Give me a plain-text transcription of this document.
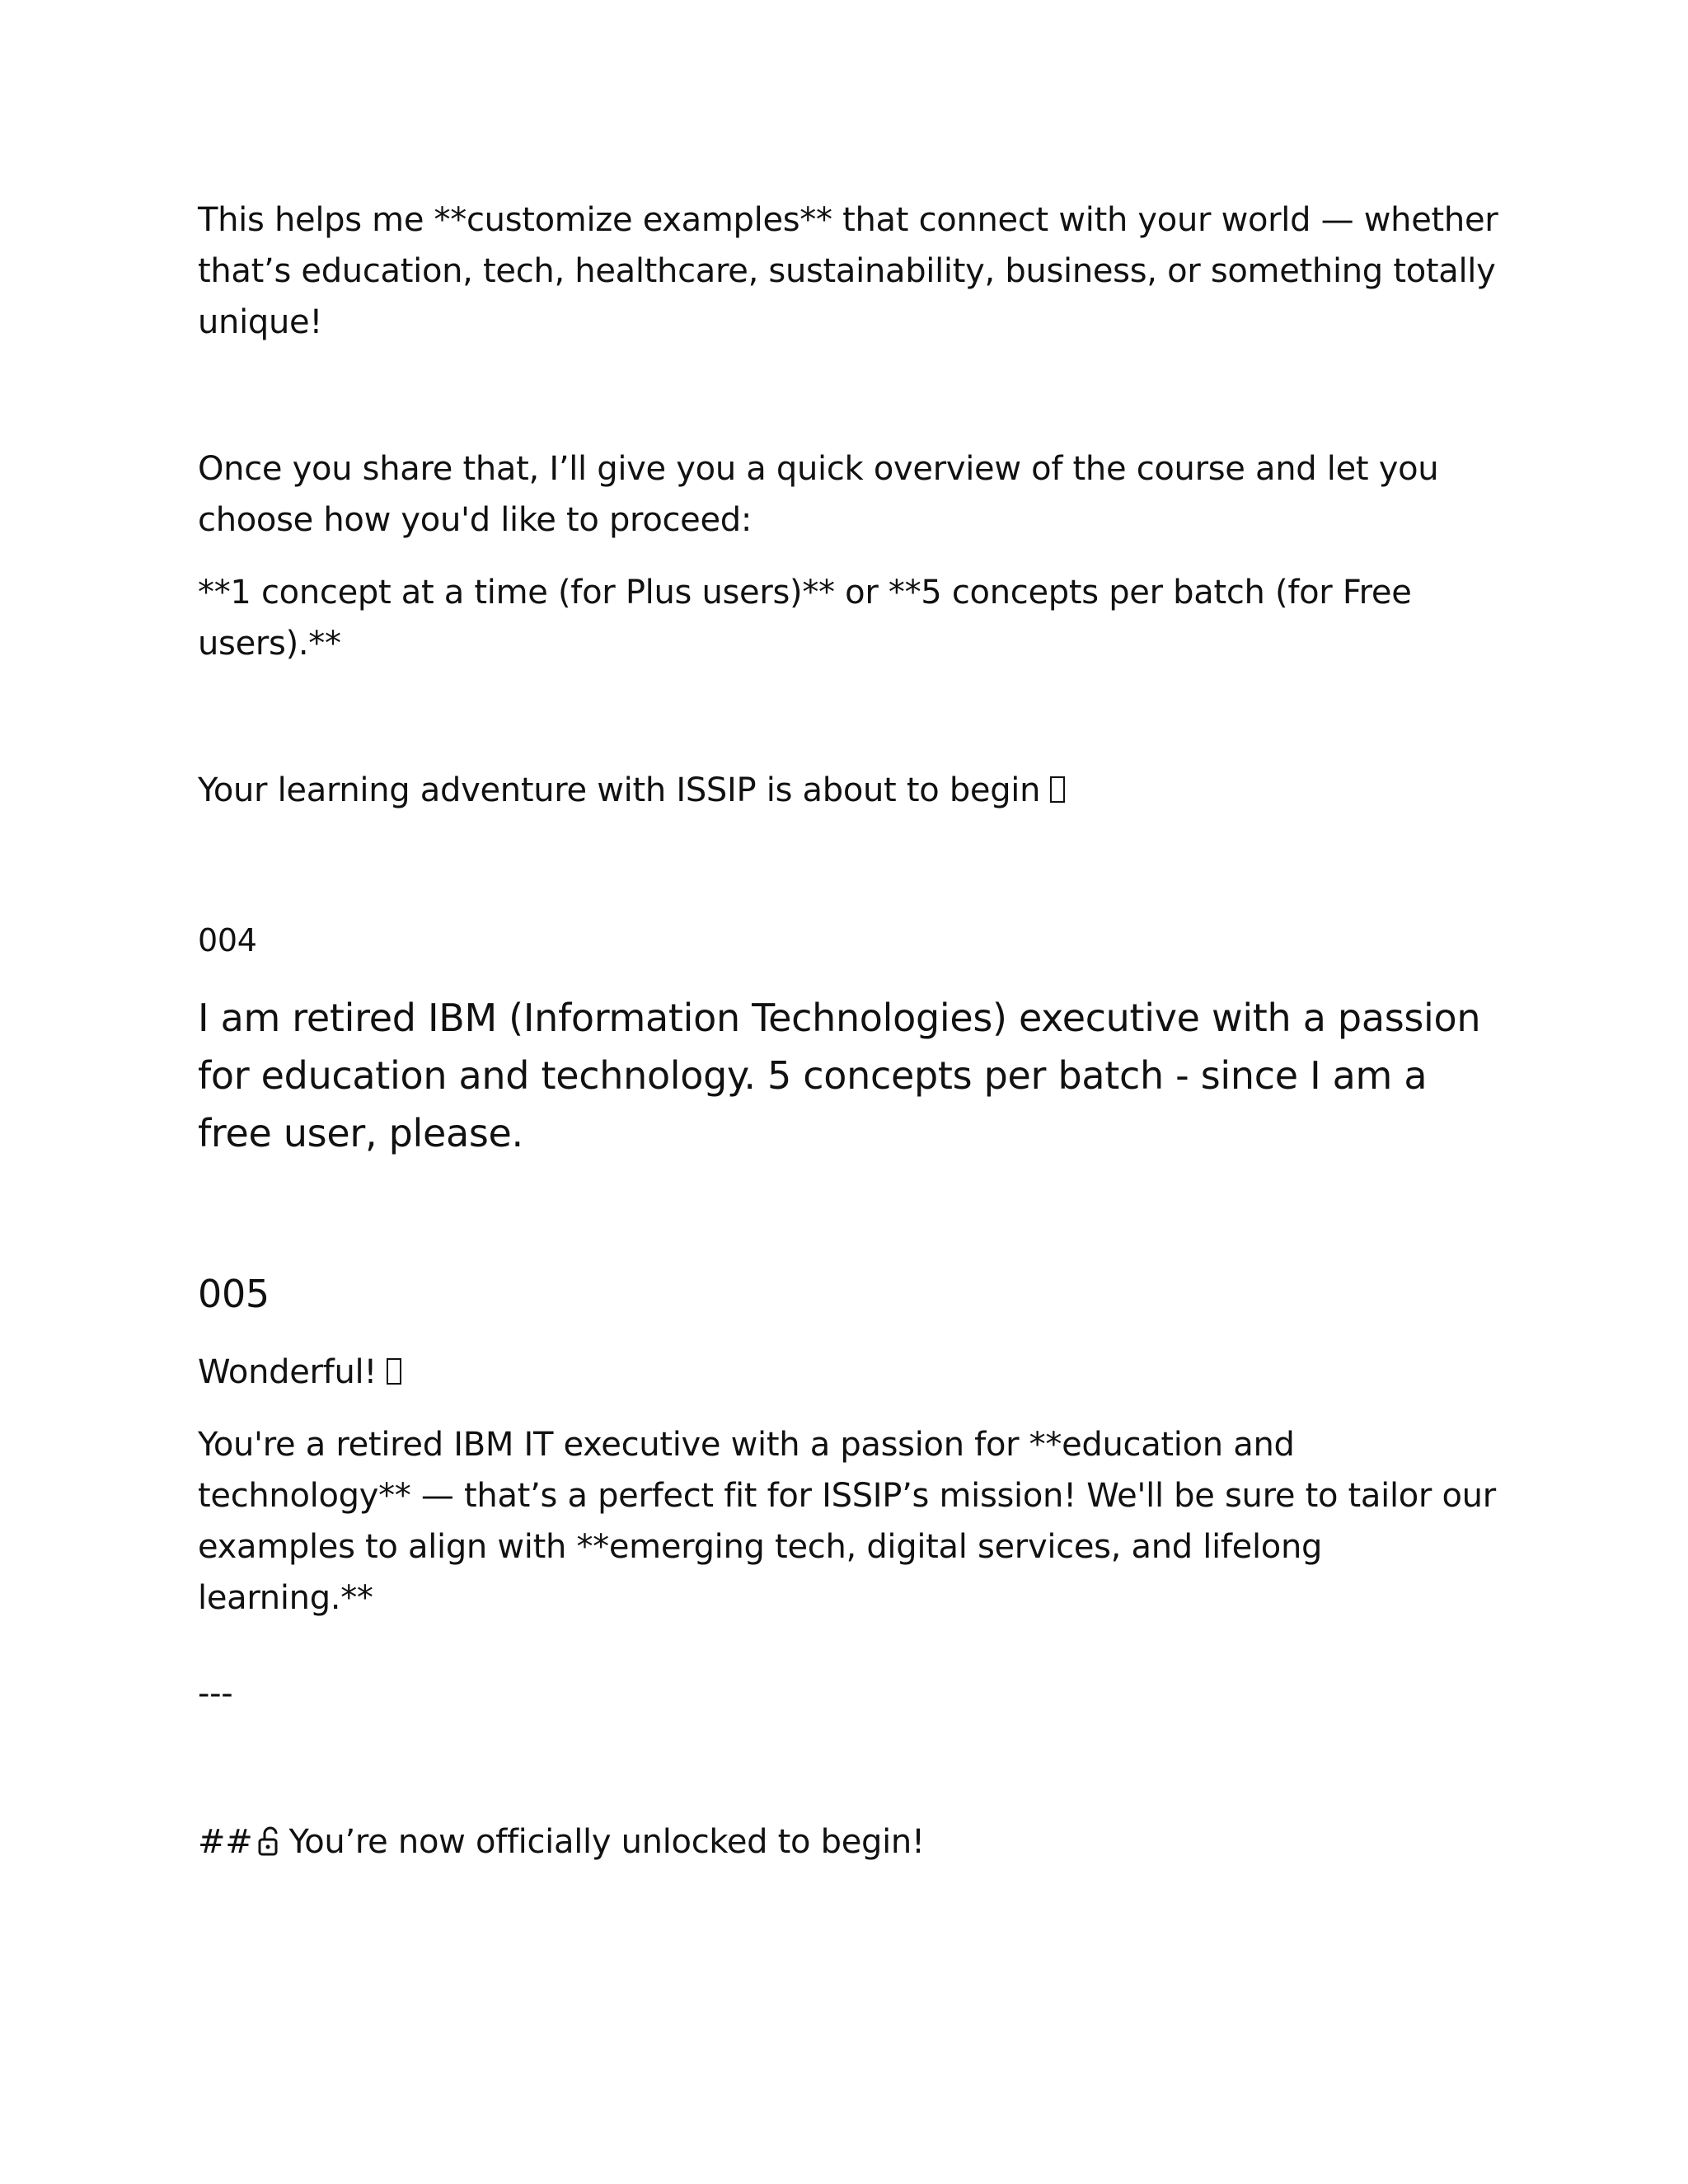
This helps me **customize examples** that connect with your world — whether that’s education, tech, healthcare, sustainability, business, or something totally unique!

Once you share that, I’ll give you a quick overview of the course and let you choose how you'd like to proceed:

**1 concept at a time (for Plus users)** or **5 concepts per batch (for Free users).**

Your learning adventure with ISSIP is about to begin

004

I am retired IBM (Information Technologies) executive with a passion for education and technology. 5 concepts per batch - since I am a free user, please.

005

Wonderful!

You're a retired IBM IT executive with a passion for **education and technology** — that’s a perfect fit for ISSIP’s mission! We'll be sure to tailor our examples to align with **emerging tech, digital services, and lifelong learning.**

---

## You’re now officially unlocked to begin!
